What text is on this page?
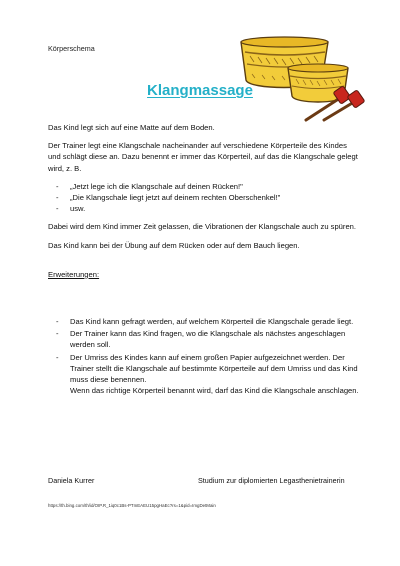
Körperschema
Klangmassage

Das Kind legt sich auf eine Matte auf dem Boden.

Der Trainer legt eine Klangschale nacheinander auf verschiedene Körperteile des Kindes und schlägt diese an. Dazu benennt er immer das Körperteil, auf das die Klangschale gelegt wird, z. B.

- „Jetzt lege ich die Klangschale auf deinen Rücken!"
- „Die Klangschale liegt jetzt auf deinem rechten Oberschenkel!"
- usw.

Dabei wird dem Kind immer Zeit gelassen, die Vibrationen der Klangschale auch zu spüren.

Das Kind kann bei der Übung auf dem Rücken oder auf dem Bauch liegen.

Erweiterungen:
- Das Kind kann gefragt werden, auf welchem Körperteil die Klangschale gerade liegt.
- Der Trainer kann das Kind fragen, wo die Klangschale als nächstes angeschlagen werden soll.
- Der Umriss des Kindes kann auf einem großen Papier aufgezeichnet werden. Der Trainer stellt die Klangschale auf bestimmte Körperteile auf dem Umriss und das Kind muss diese benennen.
Wenn das richtige Körperteil benannt wird, darf das Kind die Klangschale anschlagen.
Daniela Kurrer	Studium zur diplomierten Legasthenietrainerin
https://th.bing.com/th/id/OIP.R_1iq0c1Bs-PTmEAEU15pgHaEc?rs=1&pid=ImgDetMain
